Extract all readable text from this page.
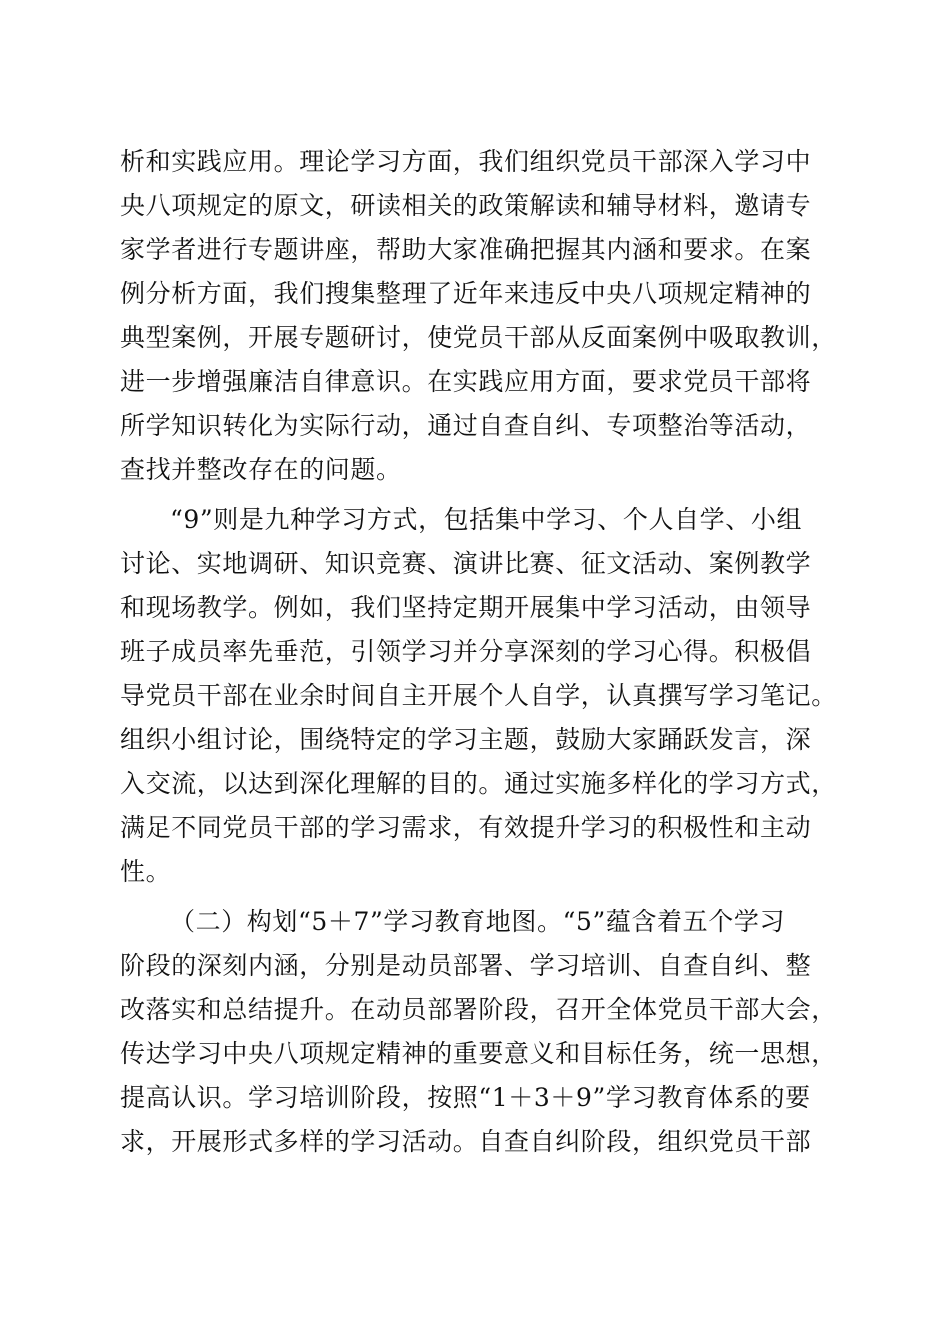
析和实践应用。理论学习方面，我们组织党员干部深入学习中
央八项规定的原文，研读相关的政策解读和辅导材料，邀请专
家学者进行专题讲座，帮助大家准确把握其内涵和要求。在案
例分析方面，我们搜集整理了近年来违反中央八项规定精神的
典型案例，开展专题研讨，使党员干部从反面案例中吸取教训，
进一步增强廉洁自律意识。在实践应用方面，要求党员干部将
所学知识转化为实际行动，通过自查自纠、专项整治等活动，
查找并整改存在的问题。
“9”则是九种学习方式，包括集中学习、个人自学、小组
讨论、实地调研、知识竞赛、演讲比赛、征文活动、案例教学
和现场教学。例如，我们坚持定期开展集中学习活动，由领导
班子成员率先垂范，引领学习并分享深刻的学习心得。积极倡
导党员干部在业余时间自主开展个人自学，认真撰写学习笔记。
组织小组讨论，围绕特定的学习主题，鼓励大家踊跃发言，深
入交流，以达到深化理解的目的。通过实施多样化的学习方式，
满足不同党员干部的学习需求，有效提升学习的积极性和主动
性。
（二）构划“5＋7”学习教育地图。“5”蕴含着五个学习
阶段的深刻内涵，分别是动员部署、学习培训、自查自纠、整
改落实和总结提升。在动员部署阶段，召开全体党员干部大会，
传达学习中央八项规定精神的重要意义和目标任务，统一思想，
提高认识。学习培训阶段，按照“1＋3＋9”学习教育体系的要
求，开展形式多样的学习活动。自查自纠阶段，组织党员干部
